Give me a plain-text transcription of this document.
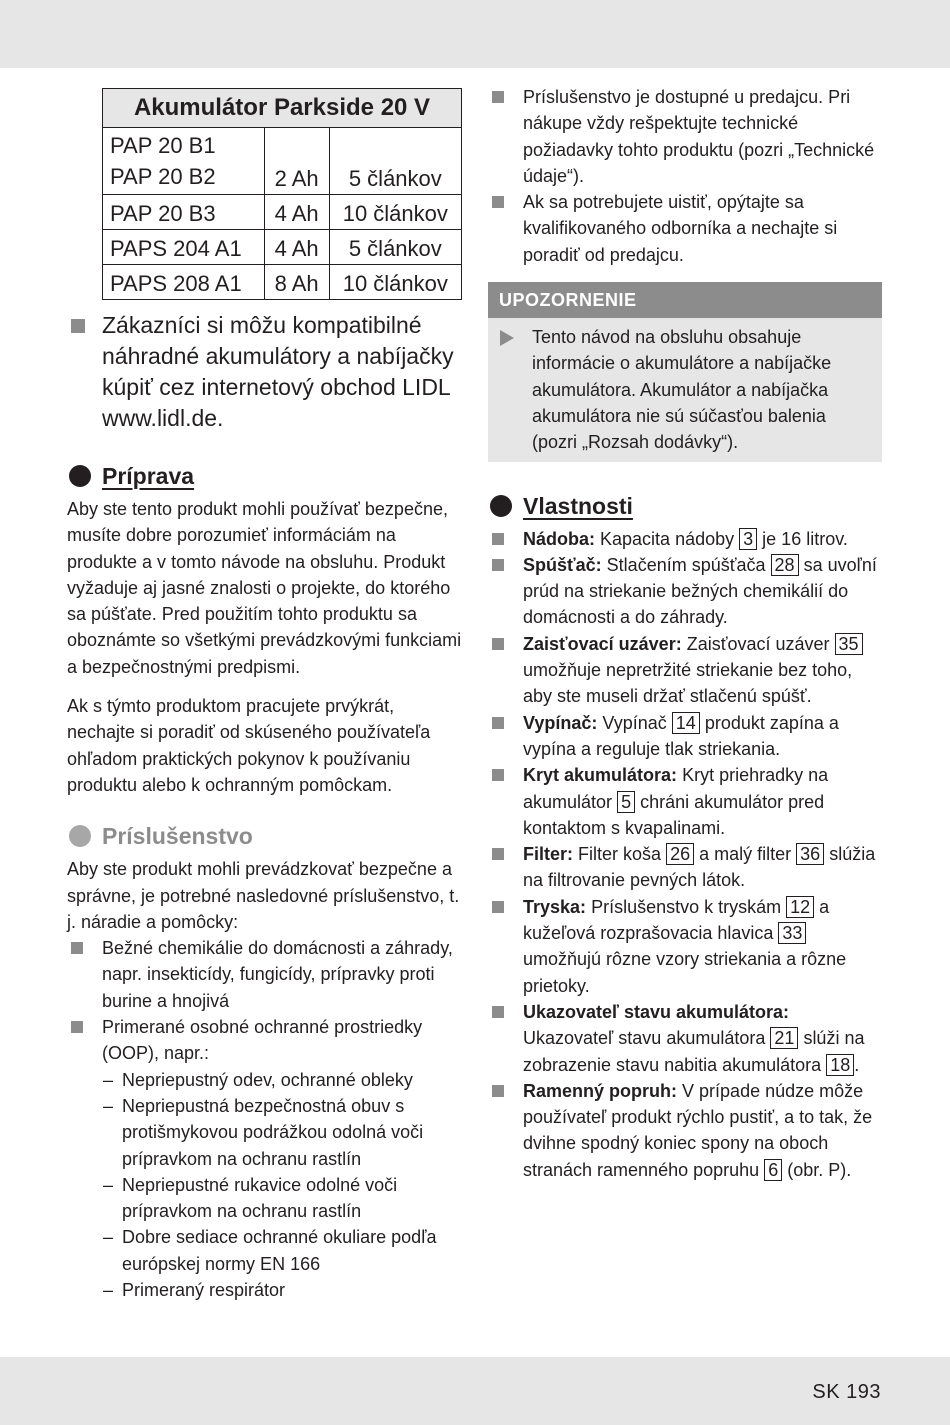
SK 193
Akumulátor Parkside 20 V		
PAP 20 B1
PAP 20 B2	2 Ah	5 článkov
PAP 20 B3	4 Ah	10 článkov
PAPS 204 A1	4 Ah	5 článkov
PAPS 208 A1	8 Ah	10 článkov
Zákazníci si môžu kompatibilné náhradné akumulátory a nabíjačky kúpiť cez internetový obchod LIDL www.lidl.de.
Príprava

Aby ste tento produkt mohli používať bezpečne, musíte dobre porozumieť informáciám na produkte a v tomto návode na obsluhu. Produkt vyžaduje aj jasné znalosti o projekte, do ktorého sa púšťate. Pred použitím tohto produktu sa oboznámte so všetkými prevádzkovými funkciami a bezpečnostnými predpismi.

Ak s týmto produktom pracujete prvýkrát, nechajte si poradiť od skúseného používateľa ohľadom praktických pokynov k používaniu produktu alebo k ochranným pomôckam.

Príslušenstvo

Aby ste produkt mohli prevádzkovať bezpečne a správne, je potrebné nasledovné príslušenstvo, t. j. náradie a pomôcky:

Bežné chemikálie do domácnosti a záhrady, napr. insekticídy, fungicídy, prípravky proti burine a hnojivá
Primerané osobné ochranné prostriedky (OOP), napr.:
– Nepriepustný odev, ochranné obleky
– Nepriepustná bezpečnostná obuv s protišmykovou podrážkou odolná voči prípravkom na ochranu rastlín
– Nepriepustné rukavice odolné voči prípravkom na ochranu rastlín
– Dobre sediace ochranné okuliare podľa európskej normy EN 166
– Primeraný respirátor
Príslušenstvo je dostupné u predajcu. Pri nákupe vždy rešpektujte technické požiadavky tohto produktu (pozri „Technické údaje“).
Ak sa potrebujete uistiť, opýtajte sa kvalifikovaného odborníka a nechajte si poradiť od predajcu.
UPOZORNENIE
Tento návod na obsluhu obsahuje informácie o akumulátore a nabíjačke akumulátora. Akumulátor a nabíjačka akumulátora nie sú súčasťou balenia (pozri „Rozsah dodávky“).
Vlastnosti
Nádoba: Kapacita nádoby 3 je 16 litrov.
Spúšťač: Stlačením spúšťača 28 sa uvoľní prúd na striekanie bežných chemikálií do domácnosti a do záhrady.
Zaisťovací uzáver: Zaisťovací uzáver 35 umožňuje nepretržité striekanie bez toho, aby ste museli držať stlačenú spúšť.
Vypínač: Vypínač 14 produkt zapína a vypína a reguluje tlak striekania.
Kryt akumulátora: Kryt priehradky na akumulátor 5 chráni akumulátor pred kontaktom s kvapalinami.
Filter: Filter koša 26 a malý filter 36 slúžia na filtrovanie pevných látok.
Tryska: Príslušenstvo k tryskám 12 a kužeľová rozprašovacia hlavica 33 umožňujú rôzne vzory striekania a rôzne prietoky.
Ukazovateľ stavu akumulátora:
Ukazovateľ stavu akumulátora 21 slúži na zobrazenie stavu nabitia akumulátora 18 .
Ramenný popruh: V prípade núdze môže používateľ produkt rýchlo pustiť, a to tak, že dvihne spodný koniec spony na oboch stranách ramenného popruhu 6 (obr. P).
